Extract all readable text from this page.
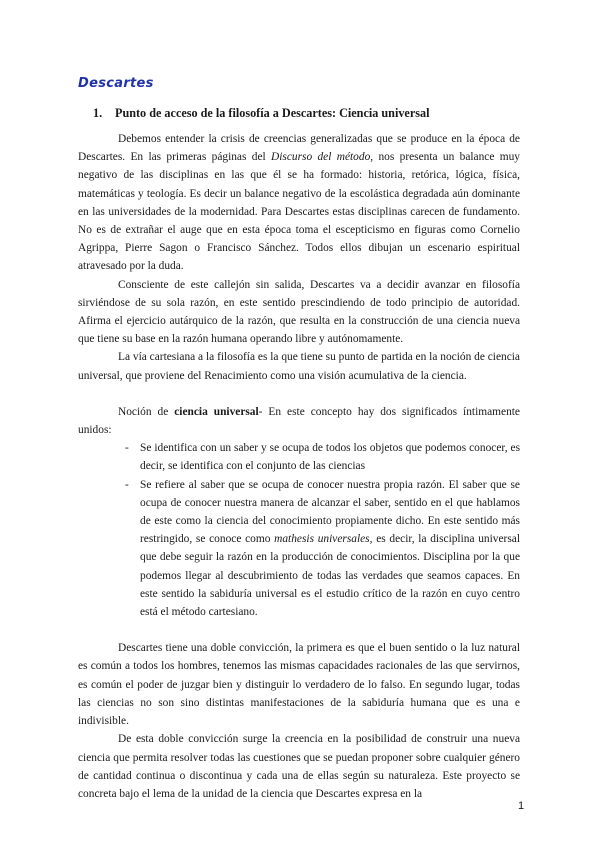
Descartes
1. Punto de acceso de la filosofía a Descartes: Ciencia universal

Debemos entender la crisis de creencias generalizadas que se produce en la época de Descartes. En las primeras páginas del Discurso del método, nos presenta un balance muy negativo de las disciplinas en las que él se ha formado: historia, retórica, lógica, física, matemáticas y teología. Es decir un balance negativo de la escolástica degradada aún dominante en las universidades de la modernidad. Para Descartes estas disciplinas carecen de fundamento. No es de extrañar el auge que en esta época toma el escepticismo en figuras como Cornelio Agrippa, Pierre Sagon o Francisco Sánchez. Todos ellos dibujan un escenario espiritual atravesado por la duda.

Consciente de este callejón sin salida, Descartes va a decidir avanzar en filosofía sirviéndose de su sola razón, en este sentido prescindiendo de todo principio de autoridad. Afirma el ejercicio autárquico de la razón, que resulta en la construcción de una ciencia nueva que tiene su base en la razón humana operando libre y autónomamente.

La vía cartesiana a la filosofía es la que tiene su punto de partida en la noción de ciencia universal, que proviene del Renacimiento como una visión acumulativa de la ciencia.

Noción de ciencia universal- En este concepto hay dos significados íntimamente unidos:

- Se identifica con un saber y se ocupa de todos los objetos que podemos conocer, es decir, se identifica con el conjunto de las ciencias
- Se refiere al saber que se ocupa de conocer nuestra propia razón. El saber que se ocupa de conocer nuestra manera de alcanzar el saber, sentido en el que hablamos de este como la ciencia del conocimiento propiamente dicho. En este sentido más restringido, se conoce como mathesis universales, es decir, la disciplina universal que debe seguir la razón en la producción de conocimientos. Disciplina por la que podemos llegar al descubrimiento de todas las verdades que seamos capaces. En este sentido la sabiduría universal es el estudio crítico de la razón en cuyo centro está el método cartesiano.

Descartes tiene una doble convicción, la primera es que el buen sentido o la luz natural es común a todos los hombres, tenemos las mismas capacidades racionales de las que servirnos, es común el poder de juzgar bien y distinguir lo verdadero de lo falso. En segundo lugar, todas las ciencias no son sino distintas manifestaciones de la sabiduría humana que es una e indivisible.

De esta doble convicción surge la creencia en la posibilidad de construir una nueva ciencia que permita resolver todas las cuestiones que se puedan proponer sobre cualquier género de cantidad continua o discontinua y cada una de ellas según su naturaleza. Este proyecto se concreta bajo el lema de la unidad de la ciencia que Descartes expresa en la

1
